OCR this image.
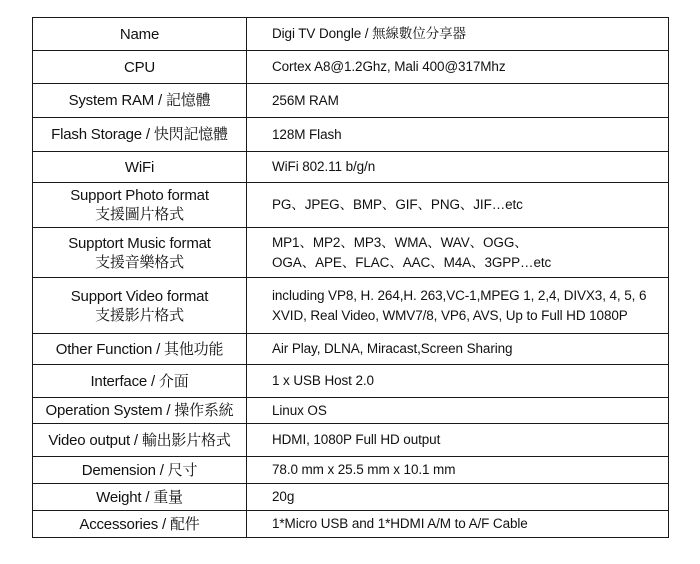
Name	Digi TV Dongle / 無線數位分享器
CPU	Cortex A8@1.2Ghz, Mali 400@317Mhz
System RAM / 記憶體	256M RAM
Flash Storage / 快閃記憶體	128M Flash
WiFi	WiFi 802.11 b/g/n

Support Photo format
支援圖片格式	PG、JPEG、BMP、GIF、PNG、JIF…etc

Supptort Music format
支援音樂格式	MP1、MP2、MP3、WMA、WAV、OGG、
OGA、APE、FLAC、AAC、M4A、3GPP…etc

Support Video format
支援影片格式	including VP8, H. 264,H. 263,VC-1,MPEG 1, 2,4, DIVX3, 4, 5, 6
XVID, Real Video, WMV7/8, VP6, AVS, Up to Full HD 1080P

Other Function / 其他功能	Air Play, DLNA, Miracast,Screen Sharing
Interface / 介面	1 x USB Host 2.0
Operation System / 操作系統	Linux OS
Video output / 輸出影片格式	HDMI, 1080P Full HD output
Demension / 尺寸	78.0 mm x 25.5 mm x 10.1 mm
Weight / 重量	20g
Accessories / 配件	1*Micro USB and 1*HDMI A/M to A/F Cable
